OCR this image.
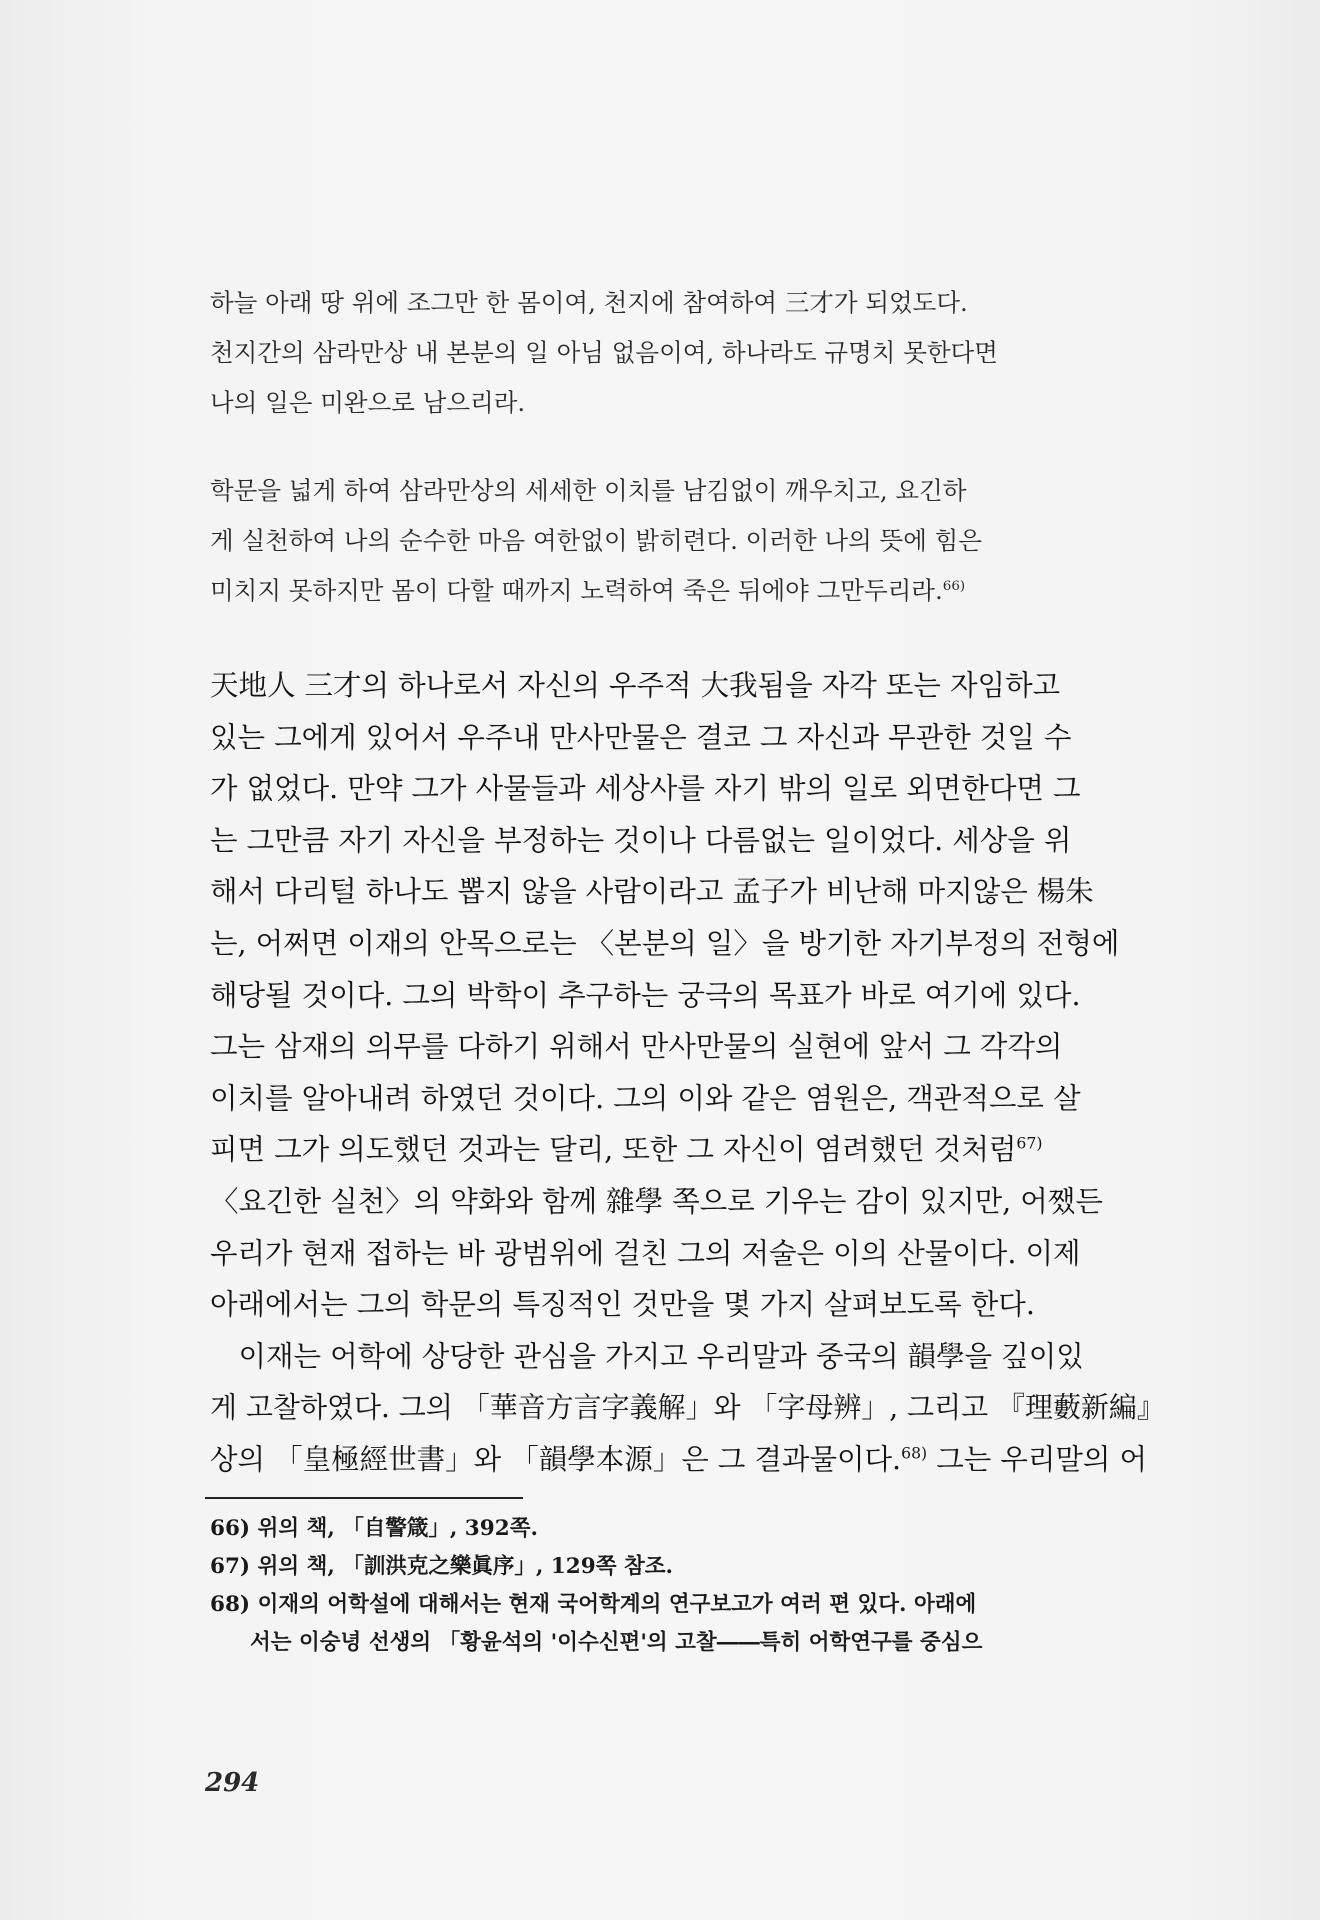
하늘 아래 땅 위에 조그만 한 몸이여, 천지에 참여하여 三才가 되었도다.
천지간의 삼라만상 내 본분의 일 아님 없음이여, 하나라도 규명치 못한다면
나의 일은 미완으로 남으리라.
학문을 넓게 하여 삼라만상의 세세한 이치를 남김없이 깨우치고, 요긴하
게 실천하여 나의 순수한 마음 여한없이 밝히련다. 이러한 나의 뜻에 힘은
미치지 못하지만 몸이 다할 때까지 노력하여 죽은 뒤에야 그만두리라.$^{66)}$
天地人 三才의 하나로서 자신의 우주적 大我됨을 자각 또는 자임하고
있는 그에게 있어서 우주내 만사만물은 결코 그 자신과 무관한 것일 수
가 없었다. 만약 그가 사물들과 세상사를 자기 밖의 일로 외면한다면 그
는 그만큼 자기 자신을 부정하는 것이나 다름없는 일이었다. 세상을 위
해서 다리털 하나도 뽑지 않을 사람이라고 孟子가 비난해 마지않은 楊朱
는, 어쩌면 이재의 안목으로는 〈본분의 일〉을 방기한 자기부정의 전형에
해당될 것이다. 그의 박학이 추구하는 궁극의 목표가 바로 여기에 있다.
그는 삼재의 의무를 다하기 위해서 만사만물의 실현에 앞서 그 각각의
이치를 알아내려 하였던 것이다. 그의 이와 같은 염원은, 객관적으로 살
피면 그가 의도했던 것과는 달리, 또한 그 자신이 염려했던 것처럼$^{67)}$
〈요긴한 실천〉의 약화와 함께 雜學 쪽으로 기우는 감이 있지만, 어쨌든
우리가 현재 접하는 바 광범위에 걸친 그의 저술은 이의 산물이다. 이제
아래에서는 그의 학문의 특징적인 것만을 몇 가지 살펴보도록 한다.
　이재는 어학에 상당한 관심을 가지고 우리말과 중국의 韻學을 깊이있
게 고찰하였다. 그의 「華音方言字義解」와 「字母辨」, 그리고 『理藪新編』
상의 「皇極經世書」와 「韻學本源」은 그 결과물이다.$^{68)}$ 그는 우리말의 어
66) 위의 책, 「自警箴」, 392쪽.
67) 위의 책, 「訓洪克之樂眞序」, 129쪽 참조.
68) 이재의 어학설에 대해서는 현재 국어학계의 연구보고가 여러 편 있다. 아래에
서는 이숭녕 선생의 「황윤석의 '이수신편'의 고찰――특히 어학연구를 중심으
294
